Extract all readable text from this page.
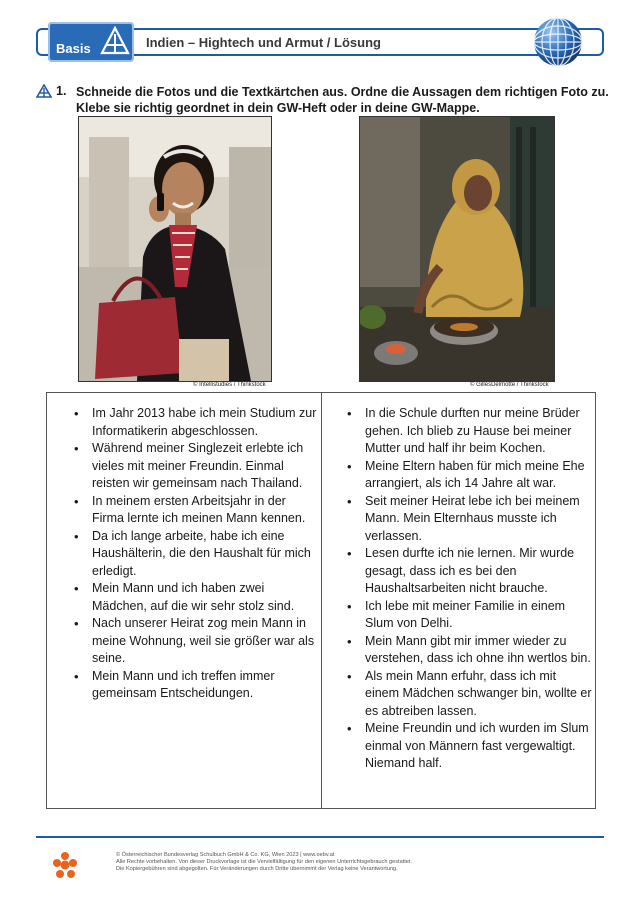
Basis	Indien – Hightech und Armut / Lösung
1. Schneide die Fotos und die Textkärtchen aus. Ordne die Aussagen dem richtigen Foto zu. Klebe sie richtig geordnet in dein GW-Heft oder in deine GW-Mappe.
© Intellistudies / Thinkstock	© GillesDelmotte / Thinkstock
• Im Jahr 2013 habe ich mein Studium zur Informatikerin abgeschlossen.
• Während meiner Singlezeit erlebte ich vieles mit meiner Freundin. Einmal reisten wir gemeinsam nach Thailand.
• In meinem ersten Arbeitsjahr in der Firma lernte ich meinen Mann kennen.
• Da ich lange arbeite, habe ich eine Haushälterin, die den Haushalt für mich erledigt.
• Mein Mann und ich haben zwei Mädchen, auf die wir sehr stolz sind.
• Nach unserer Heirat zog mein Mann in meine Wohnung, weil sie größer war als seine.
• Mein Mann und ich treffen immer gemeinsam Entscheidungen.
• In die Schule durften nur meine Brüder gehen. Ich blieb zu Hause bei meiner Mutter und half ihr beim Kochen.
• Meine Eltern haben für mich meine Ehe arrangiert, als ich 14 Jahre alt war.
• Seit meiner Heirat lebe ich bei meinem Mann. Mein Elternhaus musste ich verlassen.
• Lesen durfte ich nie lernen. Mir wurde gesagt, dass ich es bei den Haushaltsarbeiten nicht brauche.
• Ich lebe mit meiner Familie in einem Slum von Delhi.
• Mein Mann gibt mir immer wieder zu verstehen, dass ich ohne ihn wertlos bin.
• Als mein Mann erfuhr, dass ich mit einem Mädchen schwanger bin, wollte er es abtreiben lassen.
• Meine Freundin und ich wurden im Slum einmal von Männern fast vergewaltigt. Niemand half.
© Österreichischer Bundesverlag Schulbuch GmbH & Co. KG, Wien 2023 | www.oebv.at
Alle Rechte vorbehalten. Von dieser Druckvorlage ist die Vervielfältigung für den eigenen Unterrichtsgebrauch gestattet.
Die Kopiergebühren sind abgegolten. Für Veränderungen durch Dritte übernimmt der Verlag keine Verantwortung.
